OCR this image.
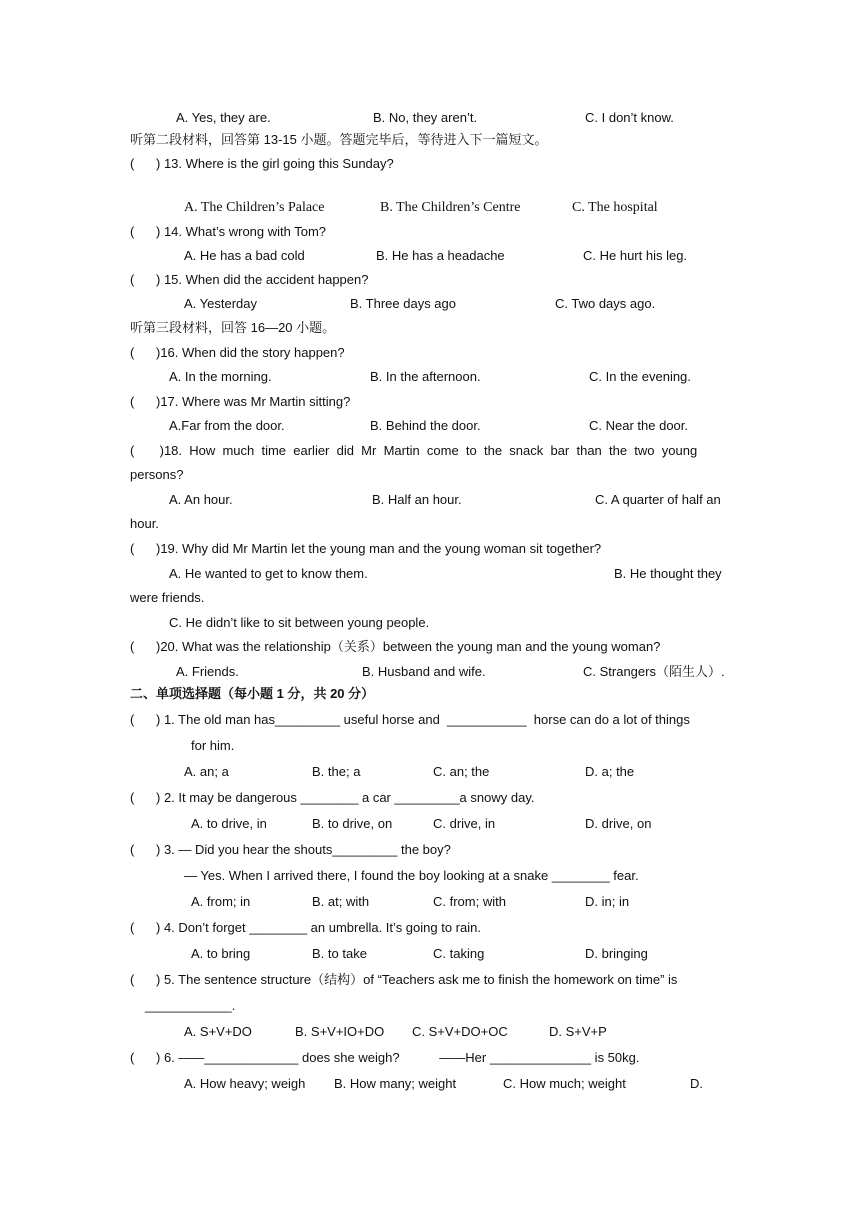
A. Yes, they are.	B. No, they aren’t.	C. I don’t know.
听第二段材料，回答第 13-15 小题。答题完毕后，等待进入下一篇短文。
(      ) 13. Where is the girl going this Sunday?
A. The Children’s Palace	B. The Children’s Centre	C. The hospital
(      ) 14. What’s wrong with Tom?
A. He has a bad cold	B. He has a headache	C. He hurt his leg.
(      ) 15. When did the accident happen?
A. Yesterday	B. Three days ago	C. Two days ago.
听第三段材料，回答 16—20 小题。
(      )16. When did the story happen?
A. In the morning.	B. In the afternoon.	C. In the evening.
(      )17. Where was Mr Martin sitting?
A.Far from the door.	B. Behind the door.	C. Near the door.
(       )18.  How  much  time  earlier  did  Mr  Martin  come  to  the  snack  bar  than  the  two  young
persons?
A. An hour.	B. Half an hour.	C. A quarter of half an
hour.
(      )19. Why did Mr Martin let the young man and the young woman sit together?
A. He wanted to get to know them.	B. He thought they
were friends.
C. He didn’t like to sit between young people.
(      )20. What was the relationship（关系）between the young man and the young woman?
A. Friends.	B. Husband and wife.	C. Strangers（陌生人）.
二、单项选择题（每小题 1 分，共 20 分）
(      ) 1. The old man has_________ useful horse and  ___________  horse can do a lot of things
for him.
A. an; a	B. the; a	C. an; the	D. a; the
(      ) 2. It may be dangerous ________ a car _________a snowy day.
A. to drive, in	B. to drive, on	C. drive, in	D. drive, on
(      ) 3. — Did you hear the shouts_________ the boy?
— Yes. When I arrived there, I found the boy looking at a snake ________ fear.
A. from; in	B. at; with	C. from; with	D. in; in
(      ) 4. Don’t forget ________ an umbrella. It’s going to rain.
A. to bring	B. to take	C. taking	D. bringing
(      ) 5. The sentence structure（结构）of “Teachers ask me to finish the homework on time” is
____________.
A. S+V+DO	B. S+V+IO+DO C. S+V+DO+OC	D. S+V+P
(      ) 6. ——_____________ does she weigh?           ——Her ______________ is 50kg.
A. How heavy; weigh B. How many; weight	C. How much; weight	D.
